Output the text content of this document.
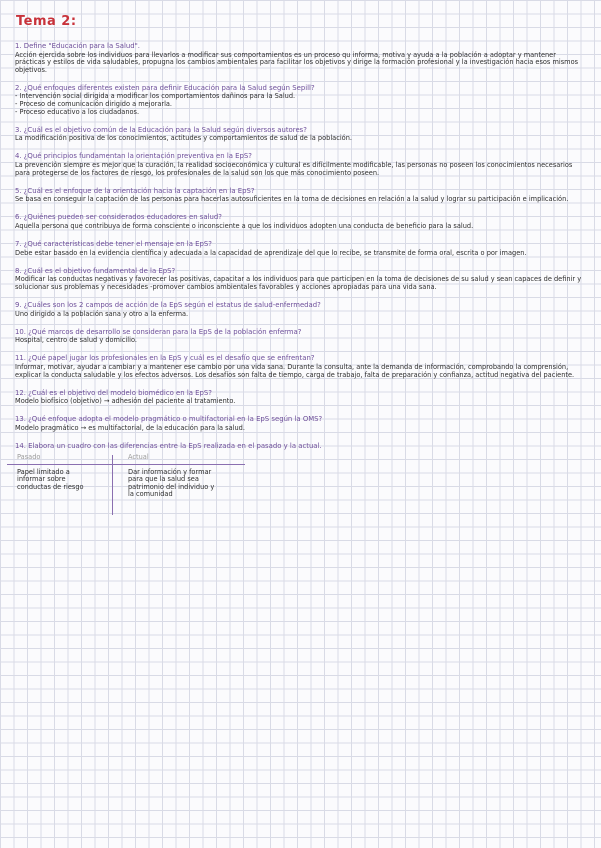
Tema 2:

1. Define "Educación para la Salud".

Acción ejercida sobre los individuos para llevarlos a modificar sus comportamientos es un proceso qu informa, motiva y ayuda a la población a adoptar y mantener prácticas y estilos de vida saludables, propugna los cambios ambientales para facilitar los objetivos y dirige la formación profesional y la investigación hacia esos mismos objetivos.

2. ¿Qué enfoques diferentes existen para definir Educación para la Salud según Sepill?

- Intervención social dirigida a modificar los comportamientos dañinos para la Salud.

- Proceso de comunicación dirigido a mejorarla.

- Proceso educativo a los ciudadanos.

3. ¿Cuál es el objetivo común de la Educación para la Salud según diversos autores?

La modificación positiva de los conocimientos, actitudes y comportamientos de salud de la población.

4. ¿Qué principios fundamentan la orientación preventiva en la EpS?

La prevención siempre es mejor que la curación, la realidad socioeconómica y cultural es difícilmente modificable, las personas no poseen los conocimientos necesarios para protegerse de los factores de riesgo, los profesionales de la salud son los que más conocimiento poseen.

5. ¿Cuál es el enfoque de la orientación hacia la captación en la EpS?

Se basa en conseguir la captación de las personas para hacerlas autosuficientes en la toma de decisiones en relación a la salud y lograr su participación e implicación.

6. ¿Quiénes pueden ser considerados educadores en salud?

Aquella persona que contribuya de forma consciente o inconsciente a que los individuos adopten una conducta de beneficio para la salud.

7. ¿Qué características debe tener el mensaje en la EpS?

Debe estar basado en la evidencia científica y adecuada a la capacidad de aprendizaje del que lo recibe, se transmite de forma oral, escrita o por imagen.

8. ¿Cuál es el objetivo fundamental de la EpS?

Modificar las conductas negativas y favorecer las positivas, capacitar a los individuos para que participen en la toma de decisiones de su salud y sean capaces de definir y solucionar sus problemas y necesidades -promover cambios ambientales favorables y acciones apropiadas para una vida sana.

9. ¿Cuáles son los 2 campos de acción de la EpS según el estatus de salud-enfermedad?

Uno dirigido a la población sana y otro a la enferma.

10. ¿Qué marcos de desarrollo se consideran para la EpS de la población enferma?

Hospital, centro de salud y domicilio.

11. ¿Qué papel jugar los profesionales en la EpS y cuál es el desafío que se enfrentan?

Informar, motivar, ayudar a cambiar y a mantener ese cambio por una vida sana. Durante la consulta, ante la demanda de información, comprobando la comprensión, explicar la conducta saludable y los efectos adversos. Los desafíos son falta de tiempo, carga de trabajo, falta de preparación y confianza, actitud negativa del paciente.

12. ¿Cuál es el objetivo del modelo biomédico en la EpS?

Modelo biofísico (objetivo) → adhesión del paciente al tratamiento.

13. ¿Qué enfoque adopta el modelo pragmático o multifactorial en la EpS según la OMS?

Modelo pragmático → es multifactorial, de la educación para la salud.

14. Elabora un cuadro con las diferencias entre la EpS realizada en el pasado y la actual.

Pasado	Actual
Papel limitado a
informar sobre
conductas de riesgo
Dar información y formar
para que la salud sea
patrimonio del individuo y
la comunidad
